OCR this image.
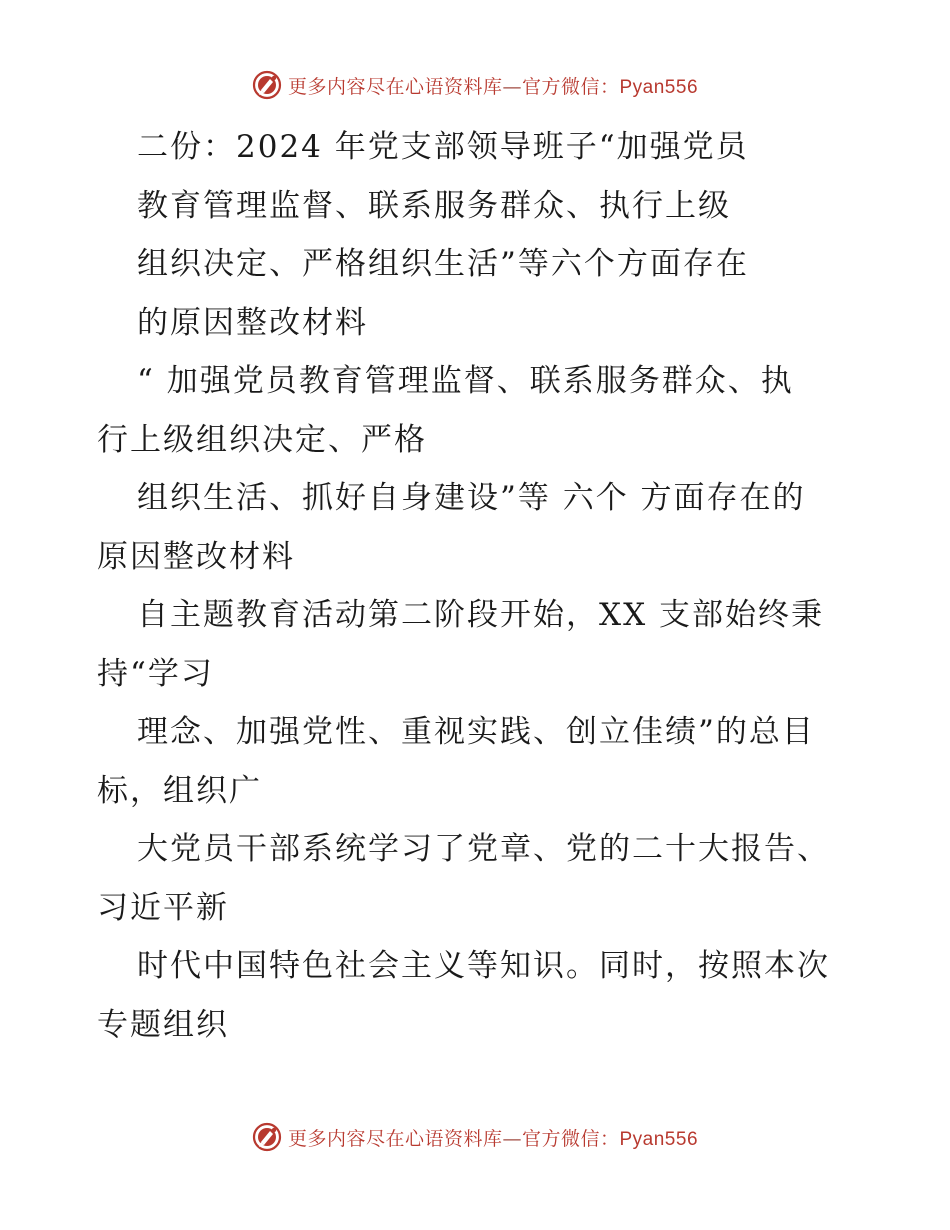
更多内容尽在心语资料库—官方微信：Pyan556
二份：2024 年党支部领导班子“加强党员
教育管理监督、联系服务群众、执行上级
组织决定、严格组织生活”等六个方面存在
的原因整改材料
“ 加强党员教育管理监督、联系服务群众、执
行上级组织决定、严格
组织生活、抓好自身建设”等 六个 方面存在的
原因整改材料
自主题教育活动第二阶段开始，XX 支部始终秉
持“学习
理念、加强党性、重视实践、创立佳绩”的总目
标，组织广
大党员干部系统学习了党章、党的二十大报告、
习近平新
时代中国特色社会主义等知识。同时，按照本次
专题组织
更多内容尽在心语资料库—官方微信：Pyan556
